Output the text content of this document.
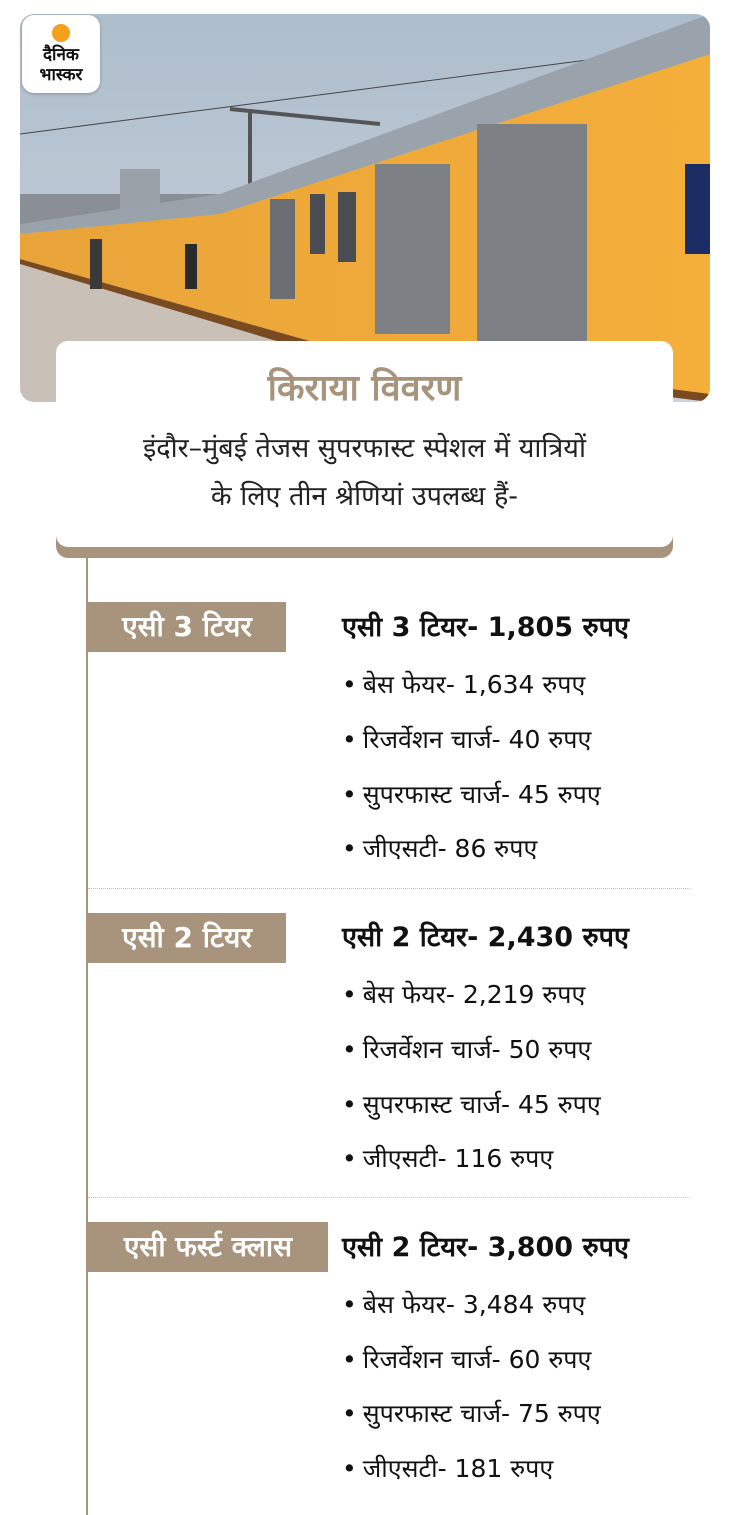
दैनिक
भास्कर
किराया विवरण
इंदौर–मुंबई तेजस सुपरफास्ट स्पेशल में यात्रियों
के लिए तीन श्रेणियां उपलब्ध हैं-
एसी 3 टियर	एसी 3 टियर- 1,805 रुपए
• बेस फेयर- 1,634 रुपए
• रिजर्वेशन चार्ज- 40 रुपए
• सुपरफास्ट चार्ज- 45 रुपए
• जीएसटी- 86 रुपए
एसी 2 टियर	एसी 2 टियर- 2,430 रुपए
• बेस फेयर- 2,219 रुपए
• रिजर्वेशन चार्ज- 50 रुपए
• सुपरफास्ट चार्ज- 45 रुपए
• जीएसटी- 116 रुपए
एसी फर्स्ट क्लास	एसी 2 टियर- 3,800 रुपए
• बेस फेयर- 3,484 रुपए
• रिजर्वेशन चार्ज- 60 रुपए
• सुपरफास्ट चार्ज- 75 रुपए
• जीएसटी- 181 रुपए
